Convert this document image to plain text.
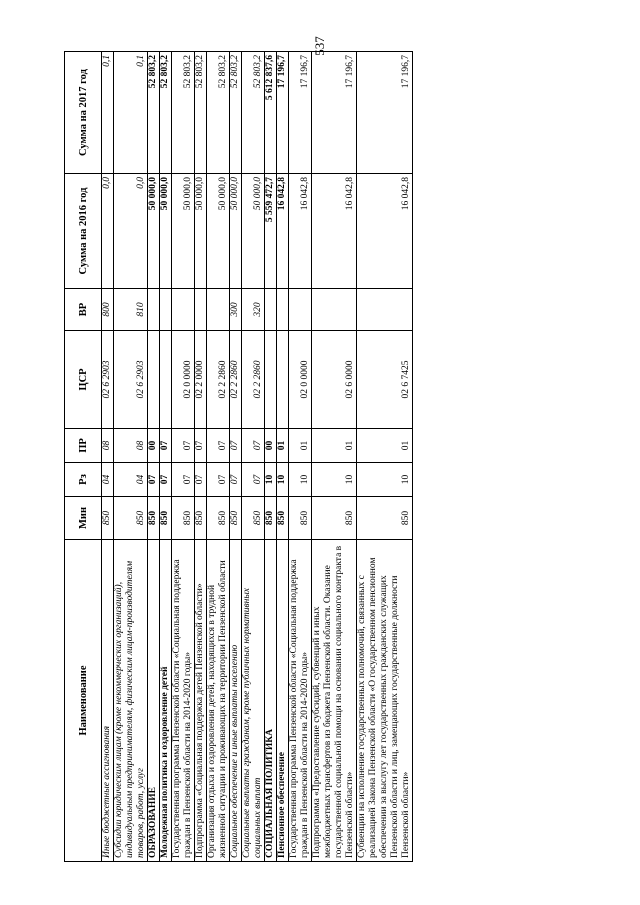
537
Наименование	Мин	Рз	ПР	ЦСР	ВР	Сумма на 2016 год	Сумма на 2017 год
Иные бюджетные ассигнования	850	04	08	02 6 2903	800	0,0	0,1
Субсидии юридическим лицам (кроме некоммерческих организаций), индивидуальным предпринимателям, физическим лицам-производителям товаров, работ, услуг	850	04	08	02 6 2903	810	0,0	0,1
ОБРАЗОВАНИЕ	850	07	00			50 000,0	52 803,2
Молодежная политика и оздоровление детей	850	07	07			50 000,0	52 803,2
Государственная программа Пензенской области «Социальная поддержка граждан в Пензенской области на 2014-2020 годы»	850	07	07	02 0 0000		50 000,0	52 803,2
Подпрограмма «Социальная поддержка детей Пензенской области»	850	07	07	02 2 0000		50 000,0	52 803,2
Организация отдыха и оздоровления детей, находящихся в трудной жизненной ситуации и проживающих на территории Пензенской области	850	07	07	02 2 2860		50 000,0	52 803,2
Социальное обеспечение и иные выплаты населению	850	07	07	02 2 2860	300	50 000,0	52 803,2
Социальные выплаты гражданам, кроме публичных нормативных социальных выплат	850	07	07	02 2 2860	320	50 000,0	52 803,2
СОЦИАЛЬНАЯ ПОЛИТИКА	850	10	00			5 559 472,7	5 612 837,6
Пенсионное обеспечение	850	10	01			16 042,8	17 196,7
Государственная программа Пензенской области «Социальная поддержка граждан в Пензенской области на 2014-2020 годы»	850	10	01	02 0 0000		16 042,8	17 196,7
Подпрограмма «Предоставление субсидий, субвенций и иных межбюджетных трансфертов из бюджета Пензенской области. Оказание государственной социальной помощи на основании социального контракта в Пензенской области»	850	10	01	02 6 0000		16 042,8	17 196,7
Субвенции на исполнение государственных полномочий, связанных с реализацией Закона Пензенской области «О государственном пенсионном обеспечении за выслугу лет государственных гражданских служащих Пензенской области и лиц, замещающих государственные должности Пензенской области»	850	10	01	02 6 7425		16 042,8	17 196,7
